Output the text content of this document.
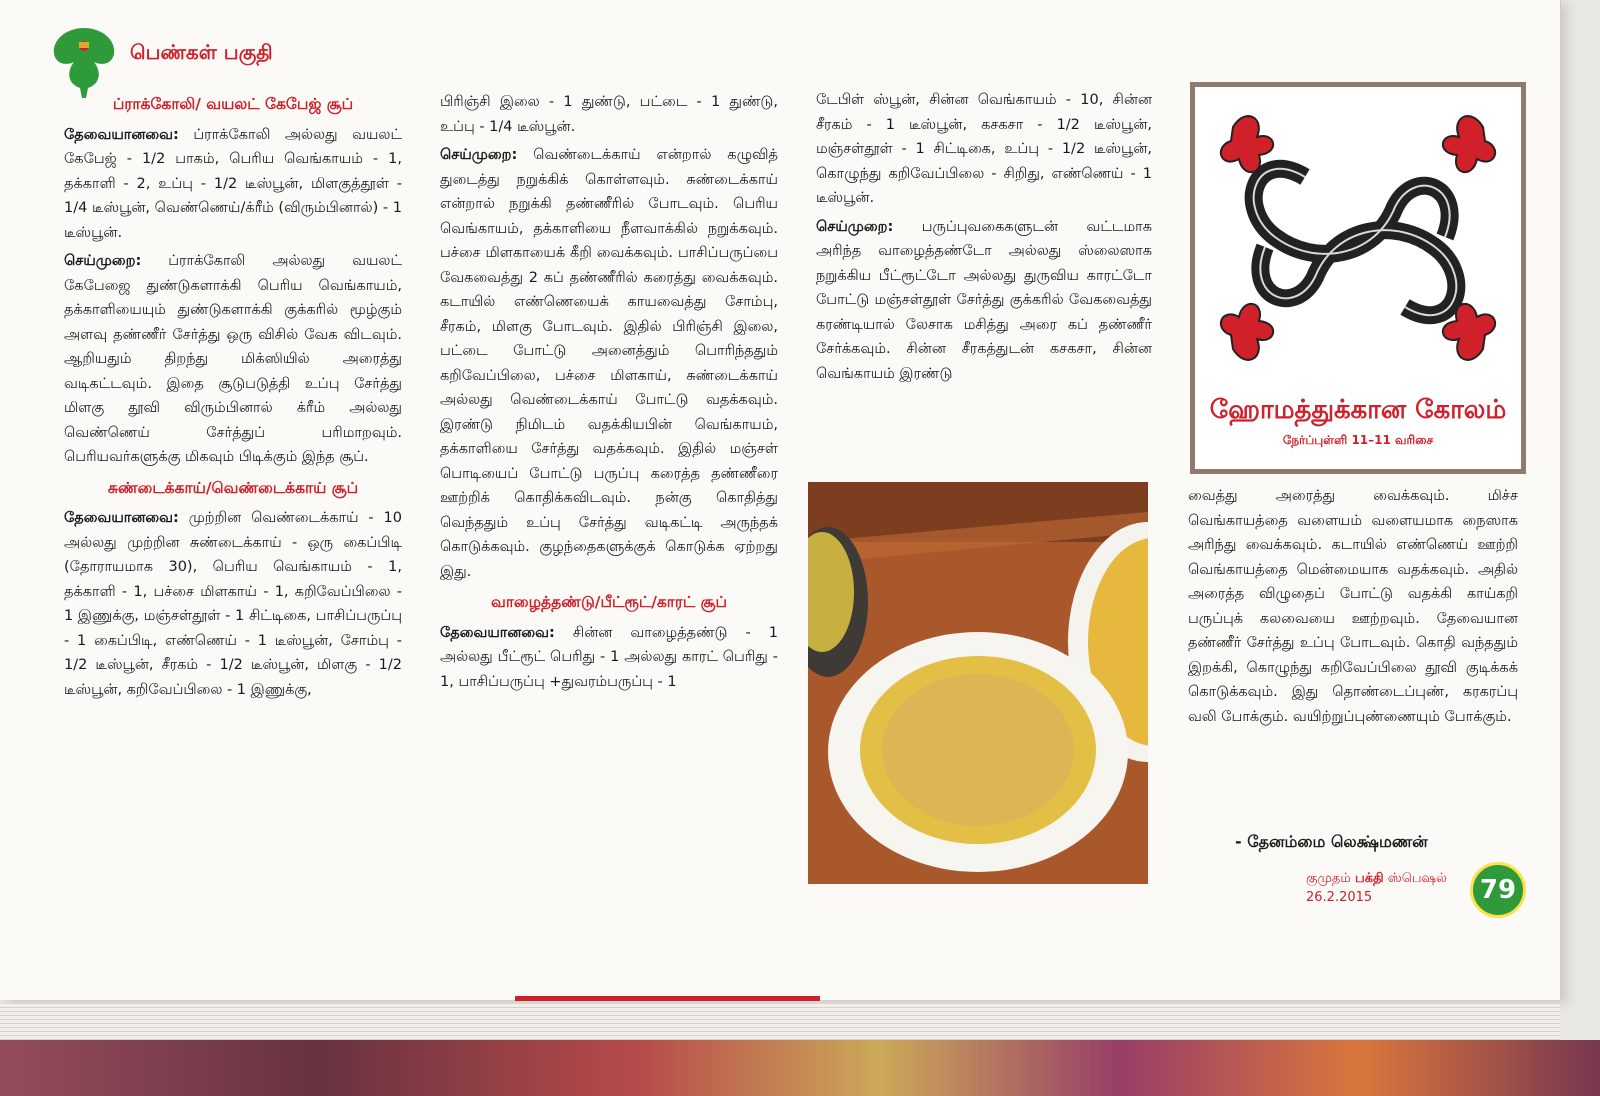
பெண்கள் பகுதி
ப்ராக்கோலி/ வயலட் கேபேஜ் சூப்

தேவையானவை: ப்ராக்கோலி அல்லது வயலட் கேபேஜ் - 1/2 பாகம், பெரிய வெங்காயம் - 1, தக்காளி - 2, உப்பு - 1/2 டீஸ்பூன், மிளகுத்தூள் - 1/4 டீஸ்பூன், வெண்ணெய்/க்ரீம் (விரும்பினால்) - 1 டீஸ்பூன்.

செய்முறை: ப்ராக்கோலி அல்லது வயலட் கேபேஜை துண்டுகளாக்கி பெரிய வெங்காயம், தக்காளியையும் துண்டுகளாக்கி குக்கரில் மூழ்கும் அளவு தண்ணீர் சேர்த்து ஒரு விசில் வேக விடவும். ஆறியதும் திறந்து மிக்ஸியில் அரைத்து வடிகட்டவும். இதை சூடுபடுத்தி உப்பு சேர்த்து மிளகு தூவி விரும்பினால் க்ரீம் அல்லது வெண்ணெய் சேர்த்துப் பரிமாறவும். பெரியவர்களுக்கு மிகவும் பிடிக்கும் இந்த சூப்.

சுண்டைக்காய்/வெண்டைக்காய் சூப்

தேவையானவை: முற்றின வெண்டைக்காய் - 10 அல்லது முற்றின சுண்டைக்காய் - ஒரு கைப்பிடி (தோராயமாக 30), பெரிய வெங்காயம் - 1, தக்காளி - 1, பச்சை மிளகாய் - 1, கறிவேப்பிலை - 1 இணுக்கு, மஞ்சள்தூள் - 1 சிட்டிகை, பாசிப்பருப்பு - 1 கைப்பிடி, எண்ணெய் - 1 டீஸ்பூன், சோம்பு - 1/2 டீஸ்பூன், சீரகம் - 1/2 டீஸ்பூன், மிளகு - 1/2 டீஸ்பூன், கறிவேப்பிலை - 1 இணுக்கு,

பிரிஞ்சி இலை - 1 துண்டு, பட்டை - 1 துண்டு, உப்பு - 1/4 டீஸ்பூன்.

செய்முறை: வெண்டைக்காய் என்றால் கழுவித் துடைத்து நறுக்கிக் கொள்ளவும். சுண்டைக்காய் என்றால் நறுக்கி தண்ணீரில் போடவும். பெரிய வெங்காயம், தக்காளியை நீளவாக்கில் நறுக்கவும். பச்சை மிளகாயைக் கீறி வைக்கவும். பாசிப்பருப்பை வேகவைத்து 2 கப் தண்ணீரில் கரைத்து வைக்கவும். கடாயில் எண்ணெயைக் காயவைத்து சோம்பு, சீரகம், மிளகு போடவும். இதில் பிரிஞ்சி இலை, பட்டை போட்டு அனைத்தும் பொரிந்ததும் கறிவேப்பிலை, பச்சை மிளகாய், சுண்டைக்காய் அல்லது வெண்டைக்காய் போட்டு வதக்கவும். இரண்டு நிமிடம் வதக்கியபின் வெங்காயம், தக்காளியை சேர்த்து வதக்கவும். இதில் மஞ்சள் பொடியைப் போட்டு பருப்பு கரைத்த தண்ணீரை ஊற்றிக் கொதிக்கவிடவும். நன்கு கொதித்து வெந்ததும் உப்பு சேர்த்து வடிகட்டி அருந்தக் கொடுக்கவும். குழந்தைகளுக்குக் கொடுக்க ஏற்றது இது.

வாழைத்தண்டு/பீட்ரூட்/காரட் சூப்

தேவையானவை: சின்ன வாழைத்தண்டு - 1 அல்லது பீட்ரூட் பெரிது - 1 அல்லது காரட் பெரிது - 1, பாசிப்பருப்பு +துவரம்பருப்பு - 1

டேபிள் ஸ்பூன், சின்ன வெங்காயம் - 10, சின்ன சீரகம் - 1 டீஸ்பூன், கசகசா - 1/2 டீஸ்பூன், மஞ்சள்தூள் - 1 சிட்டிகை, உப்பு - 1/2 டீஸ்பூன், கொழுந்து கறிவேப்பிலை - சிறிது, எண்ணெய் - 1 டீஸ்பூன்.

செய்முறை: பருப்புவகைகளுடன் வட்டமாக அரிந்த வாழைத்தண்டோ அல்லது ஸ்லைஸாக நறுக்கிய பீட்ரூட்டோ அல்லது துருவிய காரட்டோ போட்டு மஞ்சள்தூள் சேர்த்து குக்கரில் வேகவைத்து கரண்டியால் லேசாக மசித்து அரை கப் தண்ணீர் சேர்க்கவும். சின்ன சீரகத்துடன் கசகசா, சின்ன வெங்காயம் இரண்டு

ஹோமத்துக்கான கோலம்
நேர்ப்புள்ளி 11–11 வரிசை

வைத்து அரைத்து வைக்கவும். மிச்ச வெங்காயத்தை வளையம் வளையமாக நைஸாக அரிந்து வைக்கவும். கடாயில் எண்ணெய் ஊற்றி வெங்காயத்தை மென்மையாக வதக்கவும். அதில் அரைத்த விழுதைப் போட்டு வதக்கி காய்கறி பருப்புக் கலவையை ஊற்றவும். தேவையான தண்ணீர் சேர்த்து உப்பு போடவும். கொதி வந்ததும் இறக்கி, கொழுந்து கறிவேப்பிலை தூவி குடிக்கக் கொடுக்கவும். இது தொண்டைப்புண், கரகரப்பு வலி போக்கும். வயிற்றுப்புண்ணையும் போக்கும்.

- தேனம்மை லெக்ஷ்மணன்
குமுதம் பக்தி ஸ்பெஷல்
26.2.2015	79
